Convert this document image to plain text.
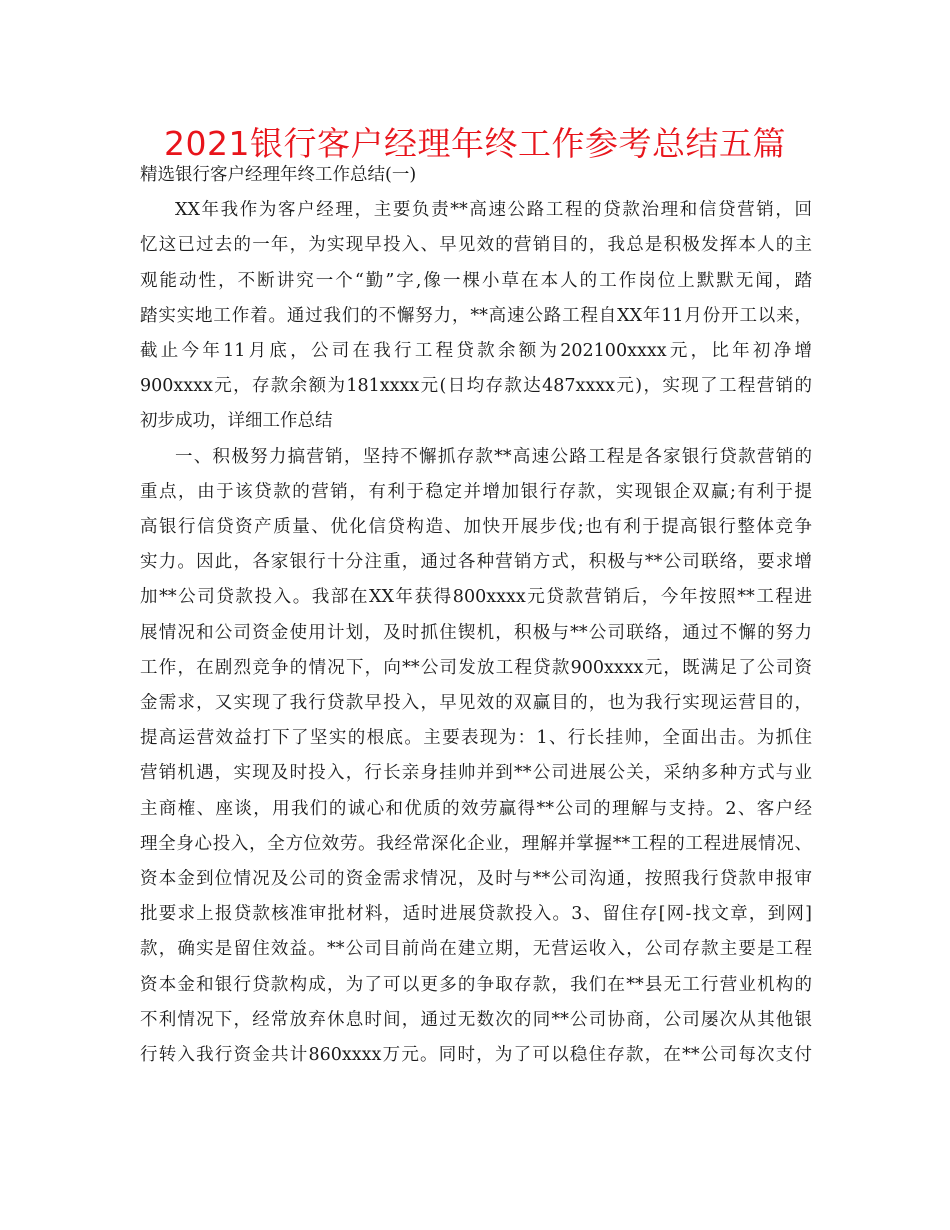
2021银行客户经理年终工作参考总结五篇

精选银行客户经理年终工作总结(一)

XX年我作为客户经理，主要负责**高速公路工程的贷款治理和信贷营销，回
忆这已过去的一年，为实现早投入、早见效的营销目的，我总是积极发挥本人的主
观能动性，不断讲究一个“勤”字,像一棵小草在本人的工作岗位上默默无闻，踏
踏实实地工作着。通过我们的不懈努力，**高速公路工程自XX年11月份开工以来，
截止今年11月底，公司在我行工程贷款余额为202100xxxx元，比年初净增
900xxxx元，存款余额为181xxxx元(日均存款达487xxxx元)，实现了工程营销的
初步成功，详细工作总结

一、积极努力搞营销，坚持不懈抓存款**高速公路工程是各家银行贷款营销的
重点，由于该贷款的营销，有利于稳定并增加银行存款，实现银企双赢;有利于提
高银行信贷资产质量、优化信贷构造、加快开展步伐;也有利于提高银行整体竞争
实力。因此，各家银行十分注重，通过各种营销方式，积极与**公司联络，要求增
加**公司贷款投入。我部在XX年获得800xxxx元贷款营销后，今年按照**工程进
展情况和公司资金使用计划，及时抓住锲机，积极与**公司联络，通过不懈的努力
工作，在剧烈竞争的情况下，向**公司发放工程贷款900xxxx元，既满足了公司资
金需求，又实现了我行贷款早投入，早见效的双赢目的，也为我行实现运营目的，
提高运营效益打下了坚实的根底。主要表现为：1、行长挂帅，全面出击。为抓住
营销机遇，实现及时投入，行长亲身挂帅并到**公司进展公关，采纳多种方式与业
主商榷、座谈，用我们的诚心和优质的效劳赢得**公司的理解与支持。2、客户经
理全身心投入，全方位效劳。我经常深化企业，理解并掌握**工程的工程进展情况、
资本金到位情况及公司的资金需求情况，及时与**公司沟通，按照我行贷款申报审
批要求上报贷款核准审批材料，适时进展贷款投入。3、留住存[网-找文章，到网]
款，确实是留住效益。**公司目前尚在建立期，无营运收入，公司存款主要是工程
资本金和银行贷款构成，为了可以更多的争取存款，我们在**县无工行营业机构的
不利情况下，经常放弃休息时间，通过无数次的同**公司协商，公司屡次从其他银
行转入我行资金共计860xxxx万元。同时，为了可以稳住存款，在**公司每次支付
